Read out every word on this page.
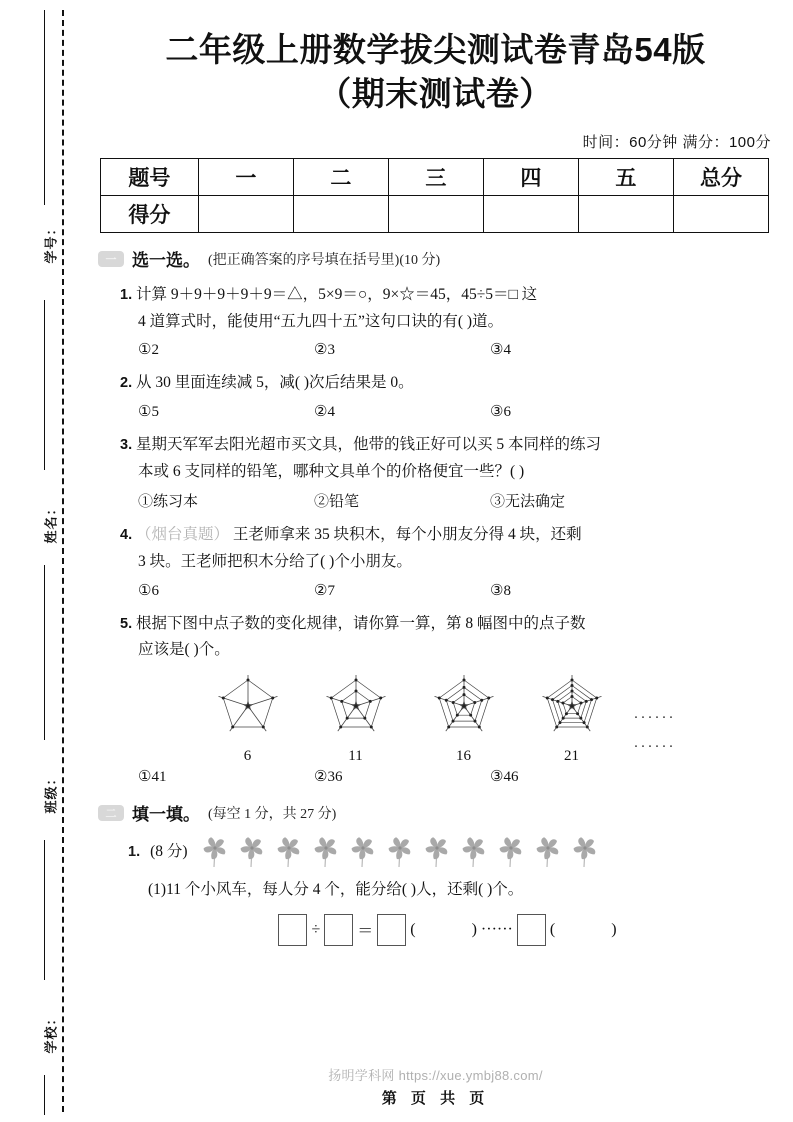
学号：
姓名：
班级：
学校：
二年级上册数学拔尖测试卷青岛54版
（期末测试卷）
时间：60分钟 满分：100分
题号	一	二	三	四	五	总分
得分						
一 选一选。 (把正确答案的序号填在括号里)(10 分)
1. 计算 9＋9＋9＋9＋9＝△，5×9＝○，9×☆＝45，45÷5＝□ 这
4 道算式时，能使用“五九四十五”这句口诀的有( )道。
①2	②3	③4
2. 从 30 里面连续减 5，减( )次后结果是 0。
①5	②4	③6
3. 星期天军军去阳光超市买文具，他带的钱正好可以买 5 本同样的练习
本或 6 支同样的铅笔，哪种文具单个的价格便宜一些？( )
①练习本	②铅笔	③无法确定
4. （烟台真题） 王老师拿来 35 块积木，每个小朋友分得 4 块，还剩
3 块。王老师把积木分给了( )个小朋友。
①6	②7	③8
5. 根据下图中点子数的变化规律，请你算一算，第 8 幅图中的点子数
应该是( )个。
6	11	16	21
······
······
①41	②36	③46
二 填一填。 (每空 1 分，共 27 分)
1. (8 分)
(1)11 个小风车，每人分 4 个，能分给( )人，还剩( )个。
÷ ＝ (	) ······ (	)
扬明学科网 https://xue.ymbj88.com/
第 页 共 页
